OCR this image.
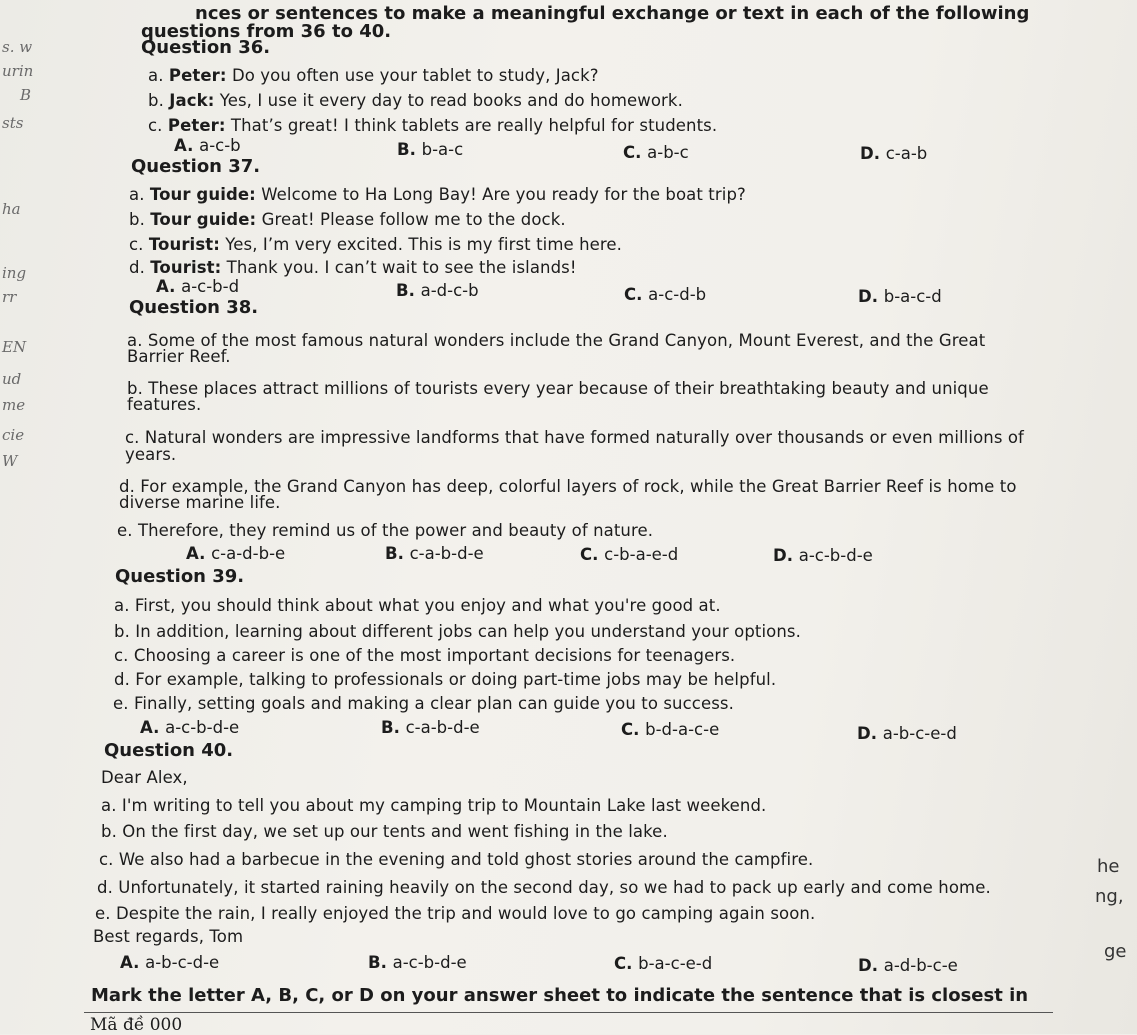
s. w
urin
B
sts
ha
ing
rr
EN
ud
me
cie
W
nces or sentences to make a meaningful exchange or text in each of the following
questions from 36 to 40.
Question 36.
a. Peter: Do you often use your tablet to study, Jack?
b. Jack: Yes, I use it every day to read books and do homework.
c. Peter: That’s great! I think tablets are really helpful for students.
A. a-c-b	B. b-a-c	C. a-b-c	D. c-a-b
Question 37.
a. Tour guide: Welcome to Ha Long Bay! Are you ready for the boat trip?
b. Tour guide: Great! Please follow me to the dock.
c. Tourist: Yes, I’m very excited. This is my first time here.
d. Tourist: Thank you. I can’t wait to see the islands!
A. a-c-b-d	B. a-d-c-b	C. a-c-d-b	D. b-a-c-d
Question 38.
a. Some of the most famous natural wonders include the Grand Canyon, Mount Everest, and the Great
Barrier Reef.
b. These places attract millions of tourists every year because of their breathtaking beauty and unique
features.
c. Natural wonders are impressive landforms that have formed naturally over thousands or even millions of
years.
d. For example, the Grand Canyon has deep, colorful layers of rock, while the Great Barrier Reef is home to
diverse marine life.
e. Therefore, they remind us of the power and beauty of nature.
A. c-a-d-b-e	B. c-a-b-d-e	C. c-b-a-e-d	D. a-c-b-d-e
Question 39.
a. First, you should think about what you enjoy and what you're good at.
b. In addition, learning about different jobs can help you understand your options.
c. Choosing a career is one of the most important decisions for teenagers.
d. For example, talking to professionals or doing part-time jobs may be helpful.
e. Finally, setting goals and making a clear plan can guide you to success.
A. a-c-b-d-e	B. c-a-b-d-e	C. b-d-a-c-e	D. a-b-c-e-d
Question 40.
Dear Alex,
a. I'm writing to tell you about my camping trip to Mountain Lake last weekend.
b. On the first day, we set up our tents and went fishing in the lake.
c. We also had a barbecue in the evening and told ghost stories around the campfire.
d. Unfortunately, it started raining heavily on the second day, so we had to pack up early and come home.
e. Despite the rain, I really enjoyed the trip and would love to go camping again soon.
Best regards, Tom
A. a-b-c-d-e	B. a-c-b-d-e	C. b-a-c-e-d	D. a-d-b-c-e
Mark the letter A, B, C, or D on your answer sheet to indicate the sentence that is closest in
he
ng,
ge
Mã đề 000
